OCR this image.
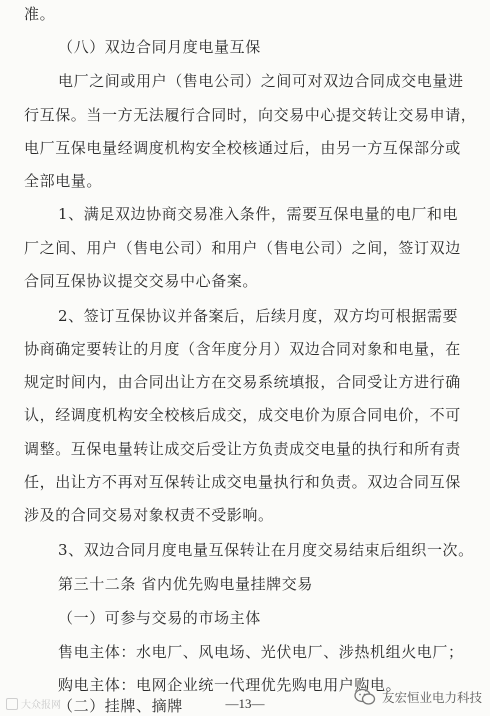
准。
（八）双边合同月度电量互保
电厂之间或用户（售电公司）之间可对双边合同成交电量进
行互保。当一方无法履行合同时，向交易中心提交转让交易申请，
电厂互保电量经调度机构安全校核通过后，由另一方互保部分或
全部电量。
1、满足双边协商交易准入条件，需要互保电量的电厂和电
厂之间、用户（售电公司）和用户（售电公司）之间，签订双边
合同互保协议提交交易中心备案。
2、签订互保协议并备案后，后续月度，双方均可根据需要
协商确定要转让的月度（含年度分月）双边合同对象和电量，在
规定时间内，由合同出让方在交易系统填报，合同受让方进行确
认，经调度机构安全校核后成交，成交电价为原合同电价，不可
调整。互保电量转让成交后受让方负责成交电量的执行和所有责
任，出让方不再对互保转让成交电量执行和负责。双边合同互保
涉及的合同交易对象权责不受影响。
3、双边合同月度电量互保转让在月度交易结束后组织一次。
第三十二条 省内优先购电量挂牌交易
（一）可参与交易的市场主体
售电主体：水电厂、风电场、光伏电厂、涉热机组火电厂；
购电主体：电网企业统一代理优先购电用户购电。
（二）挂牌、摘牌	—13—
大众报网
友宏恒业电力科技
